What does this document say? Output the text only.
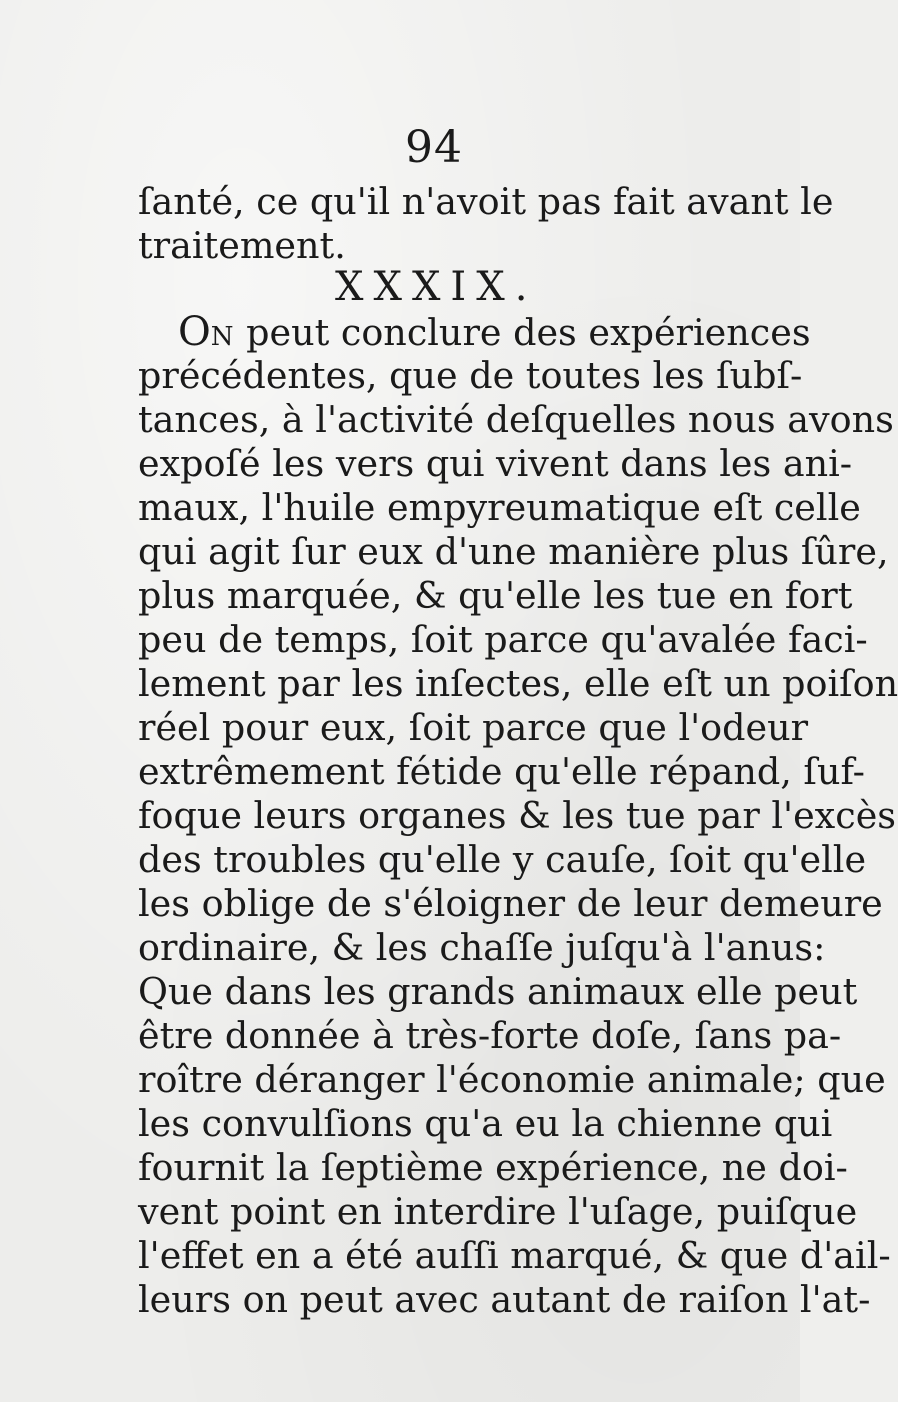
94
ſanté, ce qu'il n'avoit pas fait avant le
traitement.
XXXIX.
ON peut conclure des expériences
précédentes, que de toutes les ſubſ-
tances, à l'activité deſquelles nous avons
expoſé les vers qui vivent dans les ani-
maux, l'huile empyreumatique eſt celle
qui agit ſur eux d'une manière plus ſûre,
plus marquée, & qu'elle les tue en fort
peu de temps, ſoit parce qu'avalée faci-
lement par les inſectes, elle eſt un poiſon
réel pour eux, ſoit parce que l'odeur
extrêmement fétide qu'elle répand, ſuf-
foque leurs organes & les tue par l'excès
des troubles qu'elle y cauſe, ſoit qu'elle
les oblige de s'éloigner de leur demeure
ordinaire, & les chaſſe juſqu'à l'anus:
Que dans les grands animaux elle peut
être donnée à très-forte doſe, ſans pa-
roître déranger l'économie animale; que
les convulſions qu'a eu la chienne qui
fournit la ſeptième expérience, ne doi-
vent point en interdire l'uſage, puiſque
l'effet en a été auſſi marqué, & que d'ail-
leurs on peut avec autant de raiſon l'at-
